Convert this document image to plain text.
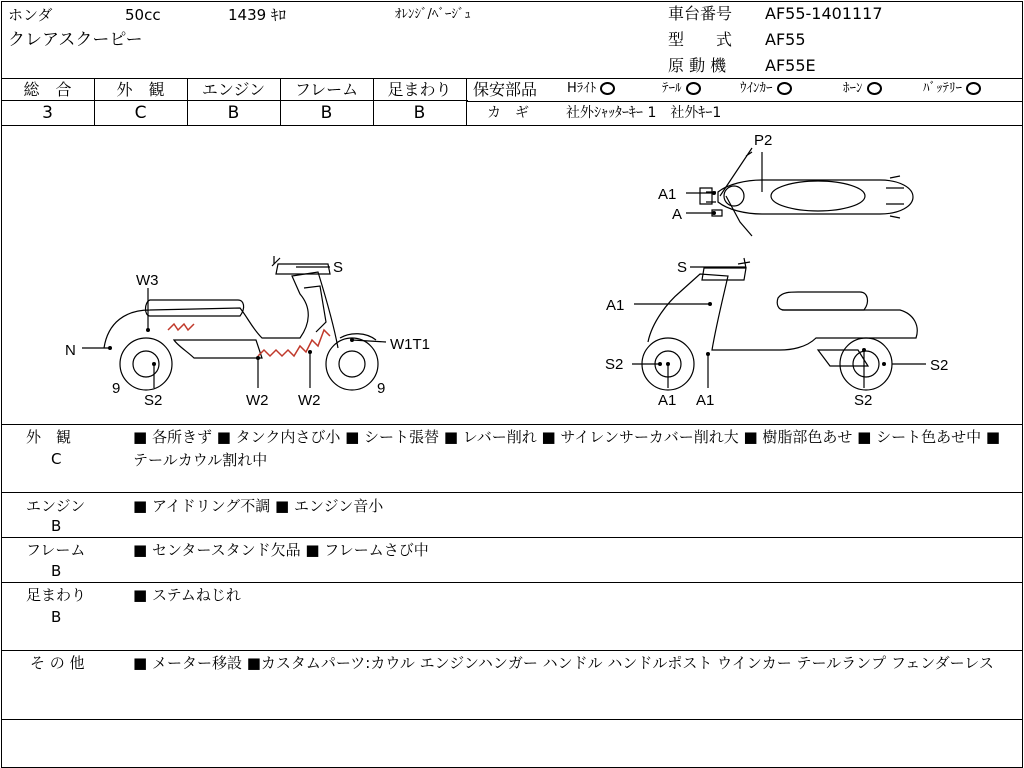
ホンダ	50cc	1439 ｷﾛ	ｵﾚﾝｼﾞ/ﾍﾞｰｼﾞｭ
クレアスクーピー
車台番号 AF55-1401117
型　　式 AF55
原 動 機 AF55E
総　合	外　観	エンジン	フレーム	足まわり
3	C	B	B	B
保安部品 Hﾗｲﾄ	ﾃｰﾙ	ｳｲﾝｶｰ	ﾎｰﾝ	ﾊﾞｯﾃﾘｰ
カ　ギ	社外ｼｬｯﾀｰｷｰ 1　社外ｷｰ1
P2
A1
A
S
W3
N	W1T1
9
S2	W2 W2
9
S
A1
S2	S2
A1 A1	S2
外　観
C
■ 各所きず ■ タンク内さび小 ■ シート張替 ■ レバー削れ ■ サイレンサーカバー削れ大 ■ 樹脂部色あせ ■ シート色あせ中 ■ テールカウル割れ中
エンジン
B
■ アイドリング不調 ■ エンジン音小
フレーム
B
■ センタースタンド欠品 ■ フレームさび中
足まわり
B
■ ステムねじれ
そ の 他	■ メーター移設 ■カスタムパーツ:カウル エンジンハンガー ハンドル ハンドルポスト ウインカー テールランプ フェンダーレス
